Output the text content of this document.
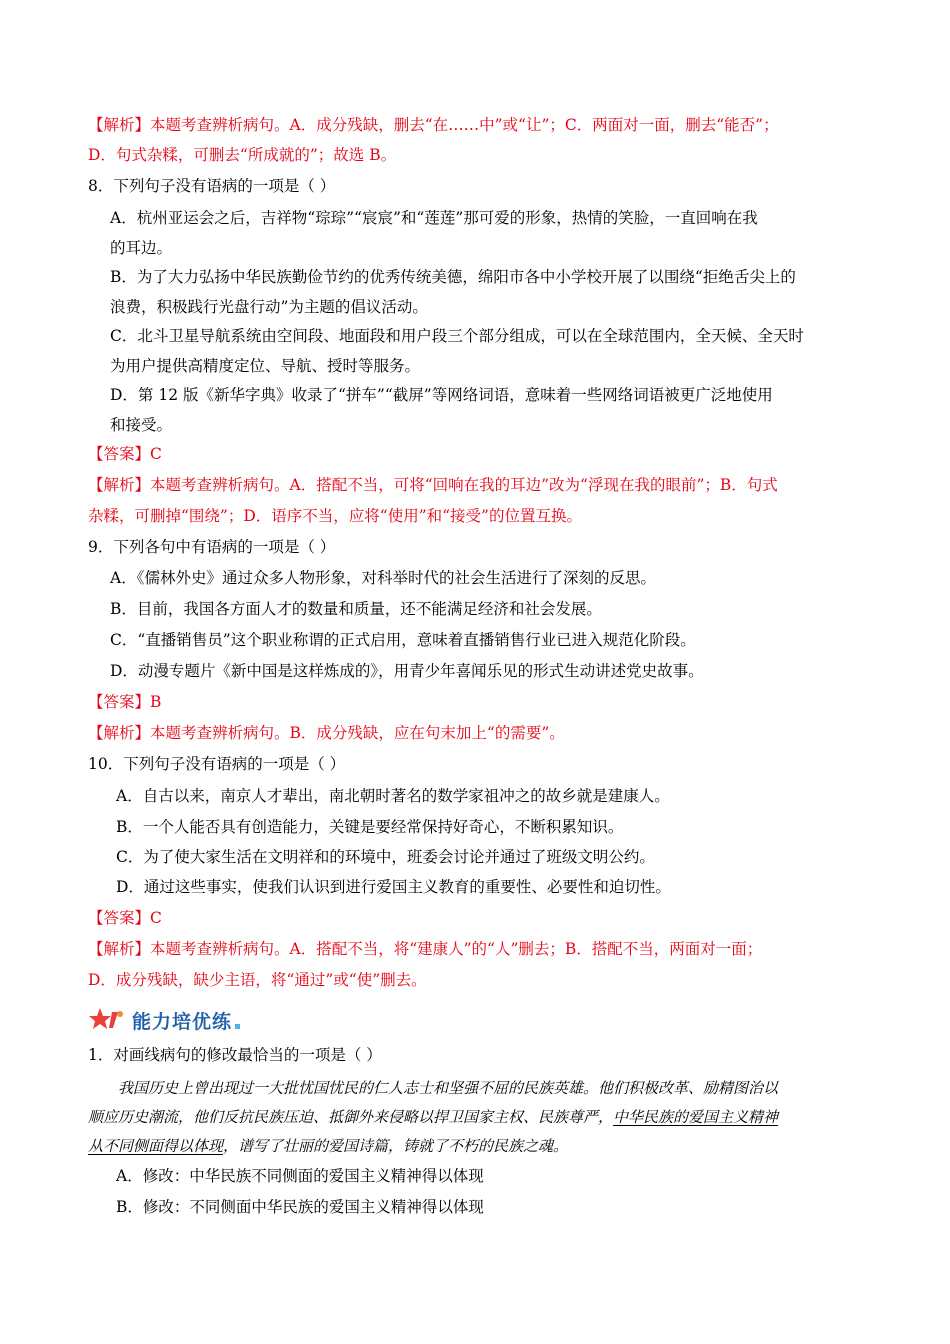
【解析】本题考查辨析病句。A．成分残缺，删去“在……中”或“让”；C．两面对一面，删去“能否”；
D．句式杂糅，可删去“所成就的”；故选 B。
8．下列句子没有语病的一项是（ ）
A．杭州亚运会之后，吉祥物“琮琮”“宸宸”和“莲莲”那可爱的形象，热情的笑脸，一直回响在我
的耳边。
B．为了大力弘扬中华民族勤俭节约的优秀传统美德，绵阳市各中小学校开展了以围绕“拒绝舌尖上的
浪费，积极践行光盘行动”为主题的倡议活动。
C．北斗卫星导航系统由空间段、地面段和用户段三个部分组成，可以在全球范围内，全天候、全天时
为用户提供高精度定位、导航、授时等服务。
D．第 12 版《新华字典》收录了“拼车”“截屏”等网络词语，意味着一些网络词语被更广泛地使用
和接受。
【答案】C
【解析】本题考查辨析病句。A．搭配不当，可将“回响在我的耳边”改为“浮现在我的眼前”；B．句式
杂糅，可删掉“围绕”；D．语序不当，应将“使用”和“接受”的位置互换。
9．下列各句中有语病的一项是（ ）
A．《儒林外史》通过众多人物形象，对科举时代的社会生活进行了深刻的反思。
B．目前，我国各方面人才的数量和质量，还不能满足经济和社会发展。
C．“直播销售员”这个职业称谓的正式启用，意味着直播销售行业已进入规范化阶段。
D．动漫专题片《新中国是这样炼成的》，用青少年喜闻乐见的形式生动讲述党史故事。
【答案】B
【解析】本题考查辨析病句。B．成分残缺，应在句末加上“的需要”。
10．下列句子没有语病的一项是（ ）
A．自古以来，南京人才辈出，南北朝时著名的数学家祖冲之的故乡就是建康人。
B．一个人能否具有创造能力，关键是要经常保持好奇心，不断积累知识。
C．为了使大家生活在文明祥和的环境中，班委会讨论并通过了班级文明公约。
D．通过这些事实，使我们认识到进行爱国主义教育的重要性、必要性和迫切性。
【答案】C
【解析】本题考查辨析病句。A．搭配不当，将“建康人”的“人”删去；B．搭配不当，两面对一面；
D．成分残缺，缺少主语，将“通过”或“使”删去。
能力培优练
1．对画线病句的修改最恰当的一项是（ ）
我国历史上曾出现过一大批忧国忧民的仁人志士和坚强不屈的民族英雄。他们积极改革、励精图治以
顺应历史潮流，他们反抗民族压迫、抵御外来侵略以捍卫国家主权、民族尊严，中华民族的爱国主义精神
从不同侧面得以体现，谱写了壮丽的爱国诗篇，铸就了不朽的民族之魂。
A．修改：中华民族不同侧面的爱国主义精神得以体现
B．修改：不同侧面中华民族的爱国主义精神得以体现
